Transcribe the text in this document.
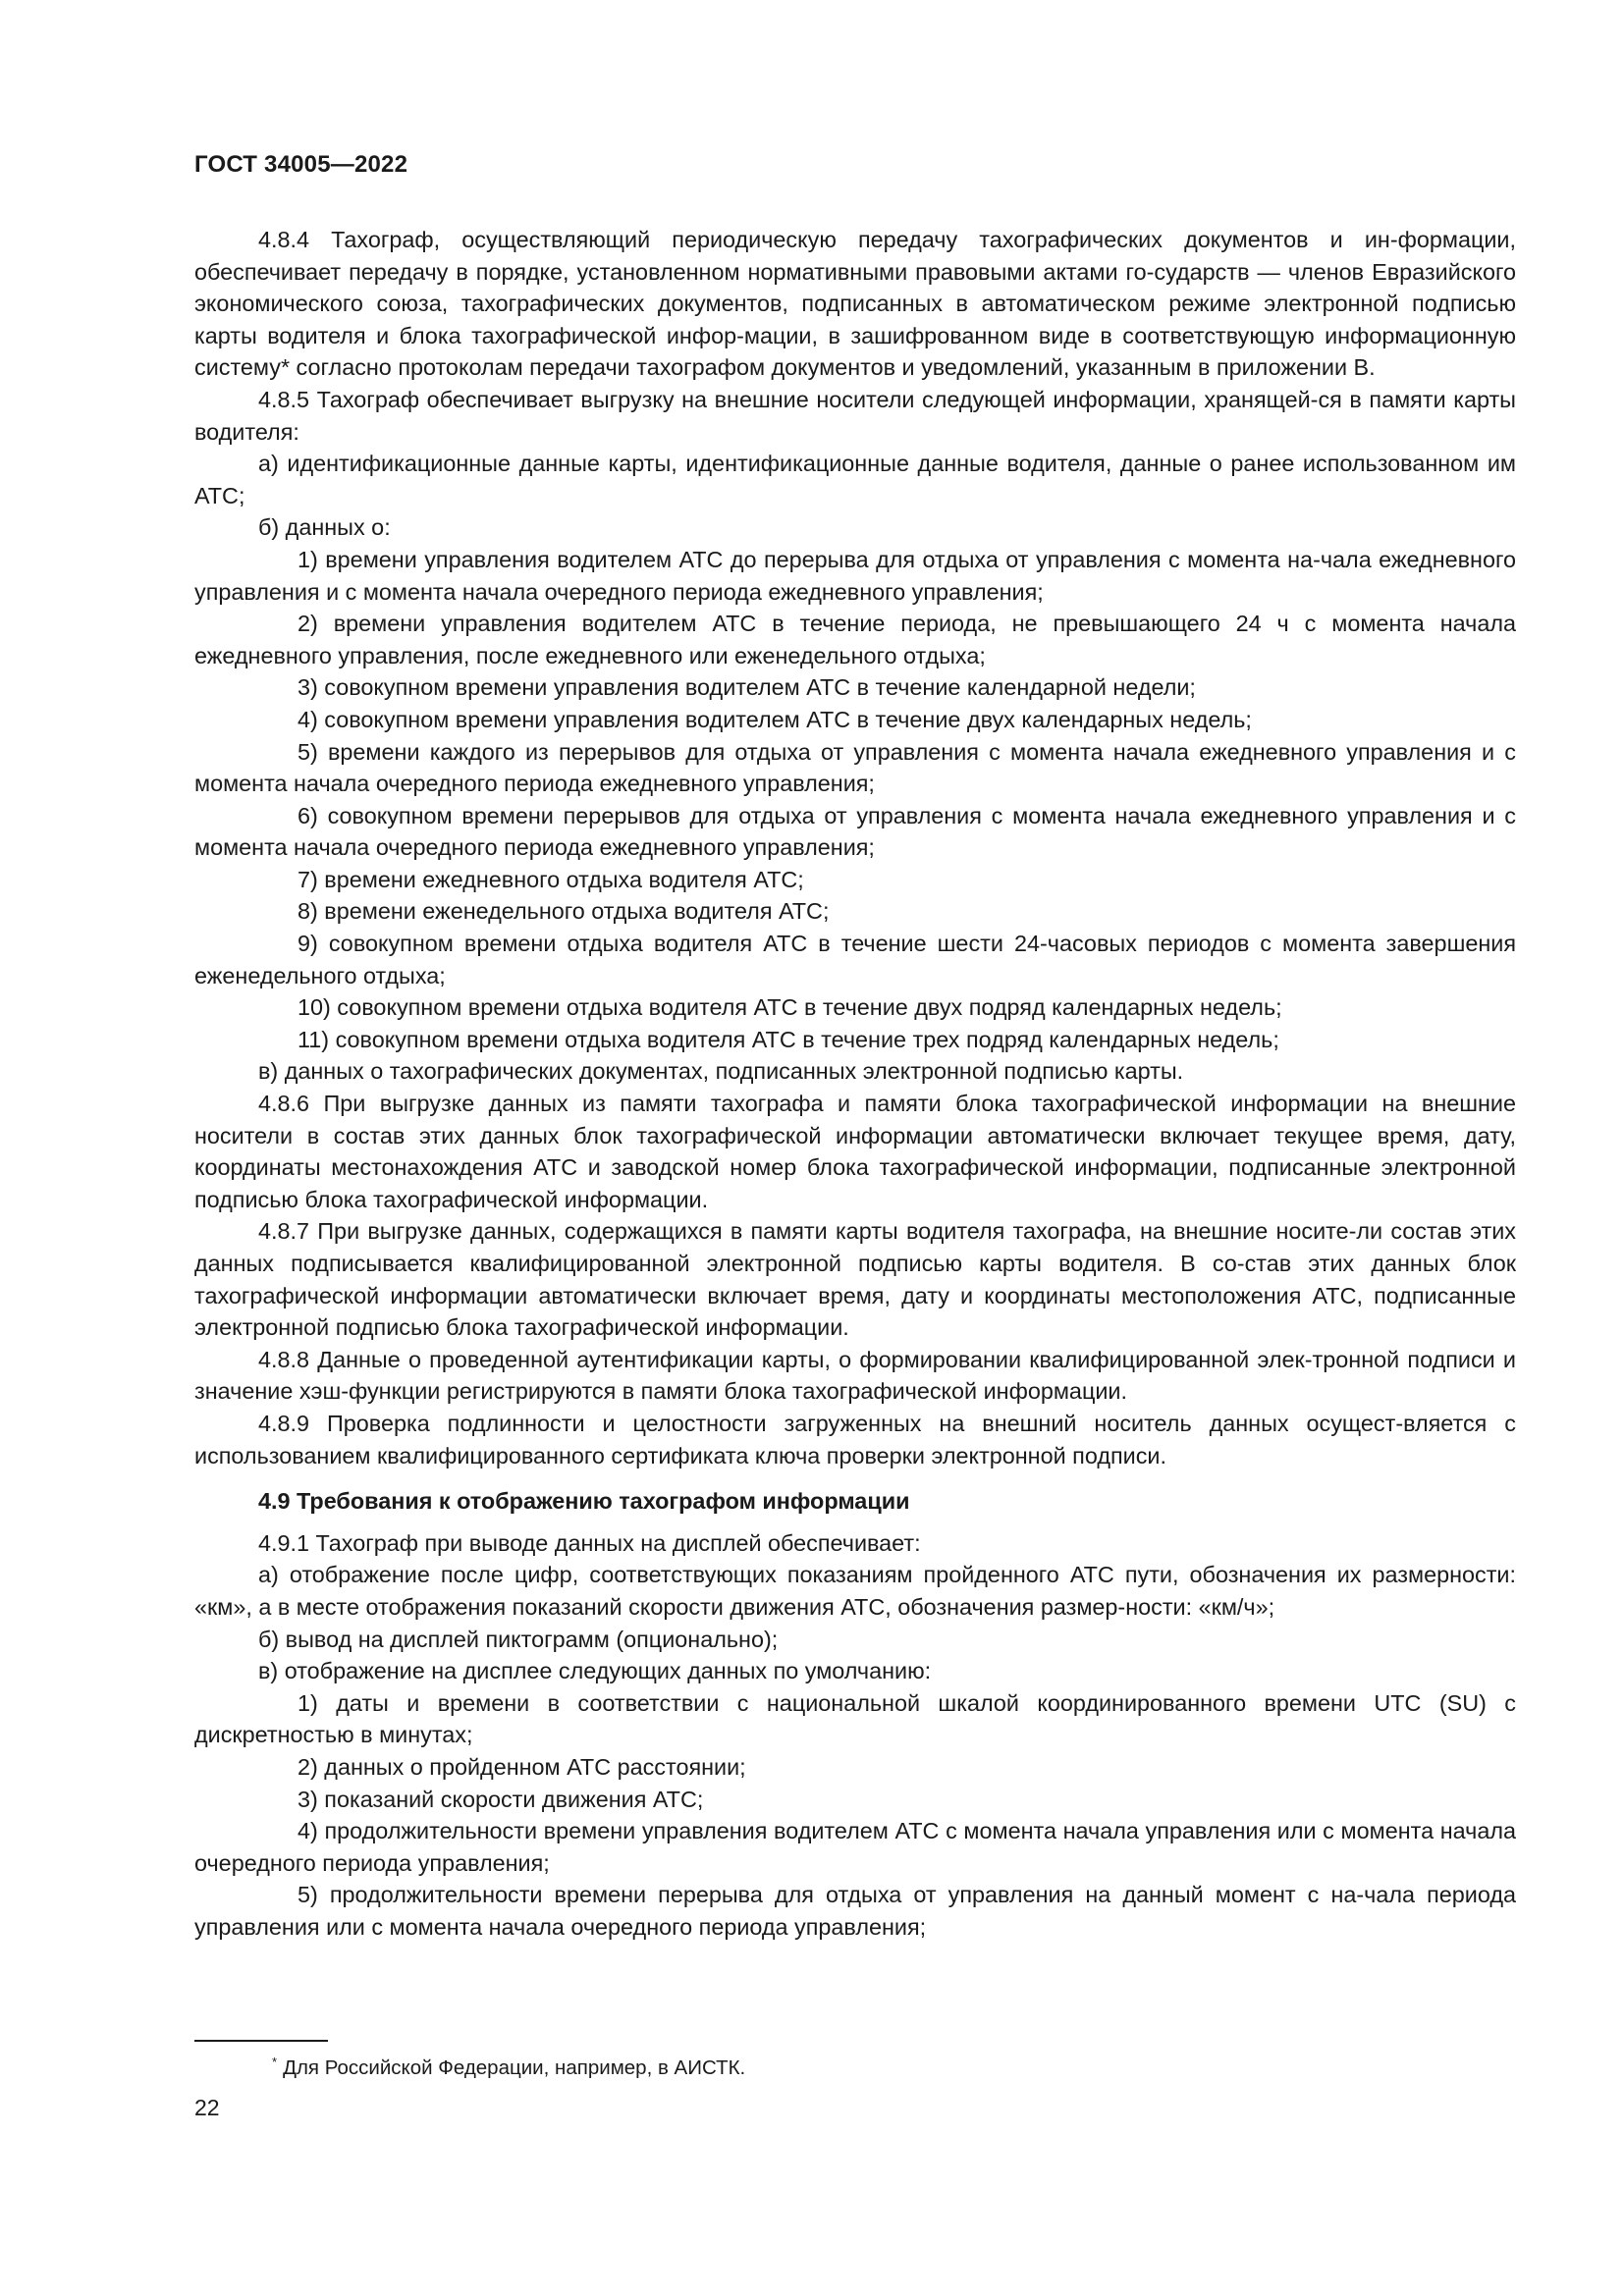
ГОСТ 34005—2022

4.8.4 Тахограф, осуществляющий периодическую передачу тахографических документов и ин-формации, обеспечивает передачу в порядке, установленном нормативными правовыми актами го-сударств — членов Евразийского экономического союза, тахографических документов, подписанных в автоматическом режиме электронной подписью карты водителя и блока тахографической инфор-мации, в зашифрованном виде в соответствующую информационную систему* согласно протоколам передачи тахографом документов и уведомлений, указанным в приложении В.

4.8.5 Тахограф обеспечивает выгрузку на внешние носители следующей информации, хранящей-ся в памяти карты водителя:

а) идентификационные данные карты, идентификационные данные водителя, данные о ранее использованном им АТС;

б) данных о:

1) времени управления водителем АТС до перерыва для отдыха от управления с момента на-чала ежедневного управления и с момента начала очередного периода ежедневного управления;

2) времени управления водителем АТС в течение периода, не превышающего 24 ч с момента начала ежедневного управления, после ежедневного или еженедельного отдыха;

3) совокупном времени управления водителем АТС в течение календарной недели;

4) совокупном времени управления водителем АТС в течение двух календарных недель;

5) времени каждого из перерывов для отдыха от управления с момента начала ежедневного управления и с момента начала очередного периода ежедневного управления;

6) совокупном времени перерывов для отдыха от управления с момента начала ежедневного управления и с момента начала очередного периода ежедневного управления;

7) времени ежедневного отдыха водителя АТС;

8) времени еженедельного отдыха водителя АТС;

9) совокупном времени отдыха водителя АТС в течение шести 24-часовых периодов с момента завершения еженедельного отдыха;

10) совокупном времени отдыха водителя АТС в течение двух подряд календарных недель;

11) совокупном времени отдыха водителя АТС в течение трех подряд календарных недель;

в) данных о тахографических документах, подписанных электронной подписью карты.

4.8.6 При выгрузке данных из памяти тахографа и памяти блока тахографической информации на внешние носители в состав этих данных блок тахографической информации автоматически включает текущее время, дату, координаты местонахождения АТС и заводской номер блока тахографической информации, подписанные электронной подписью блока тахографической информации.

4.8.7 При выгрузке данных, содержащихся в памяти карты водителя тахографа, на внешние носите-ли состав этих данных подписывается квалифицированной электронной подписью карты водителя. В со-став этих данных блок тахографической информации автоматически включает время, дату и координаты местоположения АТС, подписанные электронной подписью блока тахографической информации.

4.8.8 Данные о проведенной аутентификации карты, о формировании квалифицированной элек-тронной подписи и значение хэш-функции регистрируются в памяти блока тахографической информации.

4.8.9 Проверка подлинности и целостности загруженных на внешний носитель данных осущест-вляется с использованием квалифицированного сертификата ключа проверки электронной подписи.

4.9 Требования к отображению тахографом информации

4.9.1 Тахограф при выводе данных на дисплей обеспечивает:

а) отображение после цифр, соответствующих показаниям пройденного АТС пути, обозначения их размерности: «км», а в месте отображения показаний скорости движения АТС, обозначения размер-ности: «км/ч»;

б) вывод на дисплей пиктограмм (опционально);

в) отображение на дисплее следующих данных по умолчанию:

1) даты и времени в соответствии с национальной шкалой координированного времени UTC (SU) с дискретностью в минутах;

2) данных о пройденном АТС расстоянии;

3) показаний скорости движения АТС;

4) продолжительности времени управления водителем АТС с момента начала управления или с момента начала очередного периода управления;

5) продолжительности времени перерыва для отдыха от управления на данный момент с на-чала периода управления или с момента начала очередного периода управления;

* Для Российской Федерации, например, в АИСТК.
22
